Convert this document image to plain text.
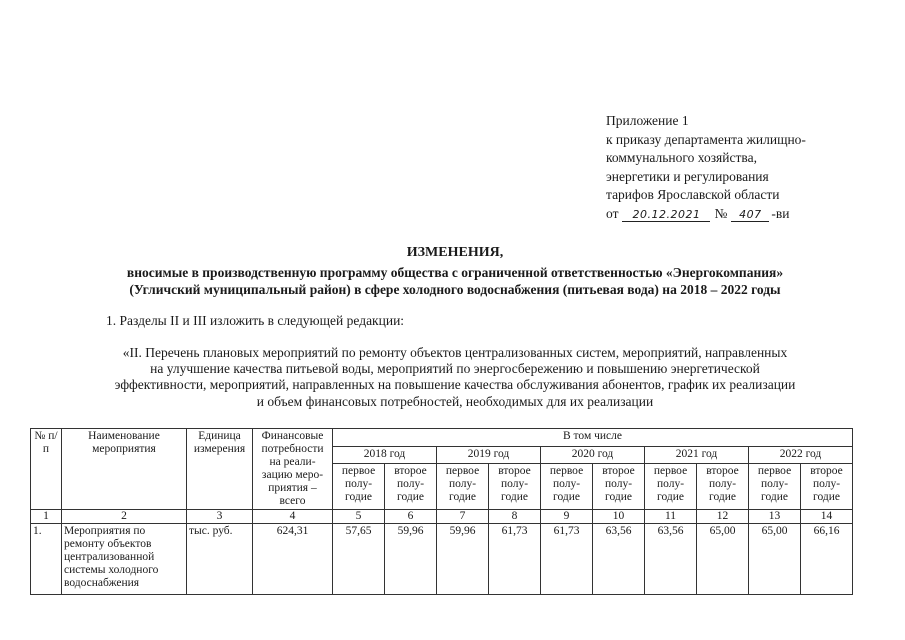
Приложение 1
к приказу департамента жилищно-
коммунального хозяйства,
энергетики и регулирования
тарифов Ярославской области
от	20.12.2021	№	407 -ви
ИЗМЕНЕНИЯ,
вносимые в производственную программу общества с ограниченной ответственностью «Энергокомпания»
(Угличский муниципальный район) в сфере холодного водоснабжения (питьевая вода) на 2018 – 2022 годы
1. Разделы II и III изложить в следующей редакции:
«II. Перечень плановых мероприятий по ремонту объектов централизованных систем, мероприятий, направленных
на улучшение качества питьевой воды, мероприятий по энергосбережению и повышению энергетической
эффективности, мероприятий, направленных на повышение качества обслуживания абонентов, график их реализации
и объем финансовых потребностей, необходимых для их реализации
№ п/п	Наименование мероприятия	Единица измерения	Финансовые потребности на реали-зацию меро-приятия – всего	В том числе									
				2018 год		2019 год		2020 год		2021 год		2022 год	
				первое полу-годие	второе полу-годие	первое полу-годие	второе полу-годие	первое полу-годие	второе полу-годие	первое полу-годие	второе полу-годие	первое полу-годие	второе полу-годие
1	2	3	4	5	6	7	8	9	10	11	12	13	14
1.	Мероприятия по ремонту объектов централизованной системы холодного водоснабжения	тыс. руб.	624,31	57,65	59,96	59,96	61,73	61,73	63,56	63,56	65,00	65,00	66,16
